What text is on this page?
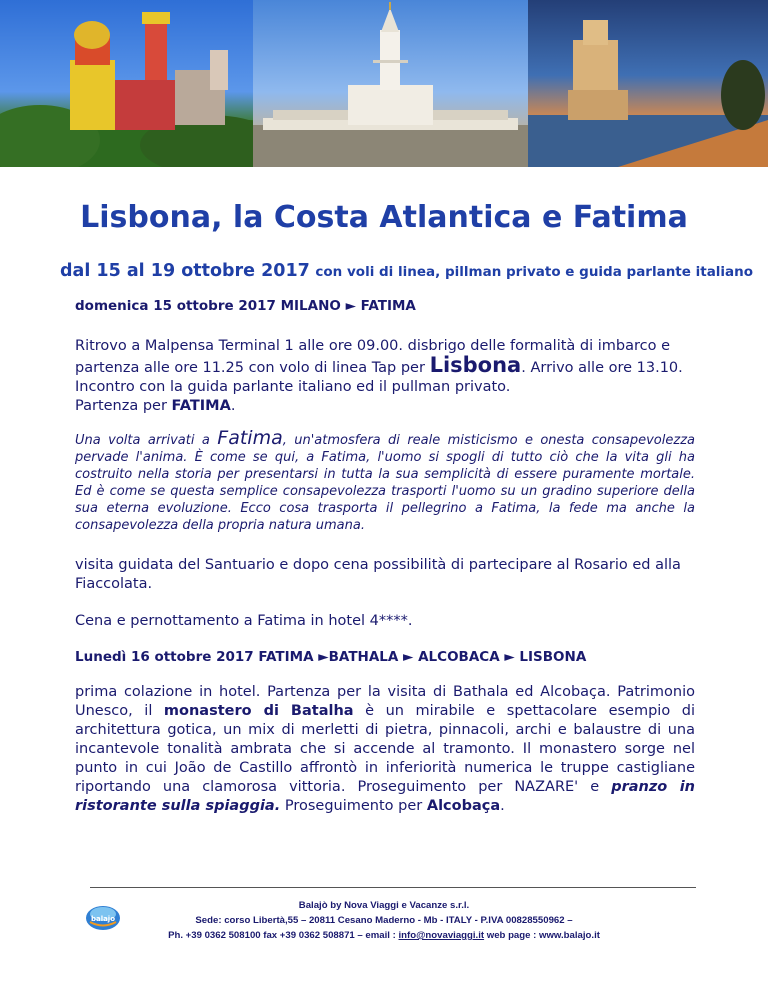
Lisbona, la Costa Atlantica e Fatima

dal 15 al 19 ottobre 2017 con voli di linea, pillman privato e guida parlante italiano

domenica 15 ottobre 2017 MILANO ► FATIMA

Ritrovo a Malpensa Terminal 1 alle ore 09.00. disbrigo delle formalità di imbarco e
partenza alle ore 11.25 con volo di linea Tap per Lisbona. Arrivo alle ore 13.10.
Incontro con la guida parlante italiano ed il pullman privato.
Partenza per FATIMA.

Una volta arrivati a Fatima, un'atmosfera di reale misticismo e onesta consapevolezza pervade l'anima. È come se qui, a Fatima, l'uomo si spogli di tutto ciò che la vita gli ha costruito nella storia per presentarsi in tutta la sua semplicità di essere puramente mortale. Ed è come se questa semplice consapevolezza trasporti l'uomo su un gradino superiore della sua eterna evoluzione. Ecco cosa trasporta il pellegrino a Fatima, la fede ma anche la consapevolezza della propria natura umana.

visita guidata del Santuario e dopo cena possibilità di partecipare al Rosario ed alla Fiaccolata.

Cena e pernottamento a Fatima in hotel 4****.

Lunedì 16 ottobre 2017 FATIMA ►BATHALA ► ALCOBACA ► LISBONA

prima colazione in hotel. Partenza per la visita di Bathala ed Alcobaça. Patrimonio Unesco, il monastero di Batalha è un mirabile e spettacolare esempio di architettura gotica, un mix di merletti di pietra, pinnacoli, archi e balaustre di una incantevole tonalità ambrata che si accende al tramonto. Il monastero sorge nel punto in cui João de Castillo affrontò in inferiorità numerica le truppe castigliane riportando una clamorosa vittoria. Proseguimento per NAZARE' e pranzo in ristorante sulla spiaggia. Proseguimento per Alcobaça.

balajo
Balajò by Nova Viaggi e Vacanze s.r.l.
Sede: corso Libertà,55 – 20811 Cesano Maderno - Mb - ITALY - P.IVA 00828550962 –
Ph. +39 0362 508100 fax +39 0362 508871 – email : info@novaviaggi.it web page : www.balajo.it
